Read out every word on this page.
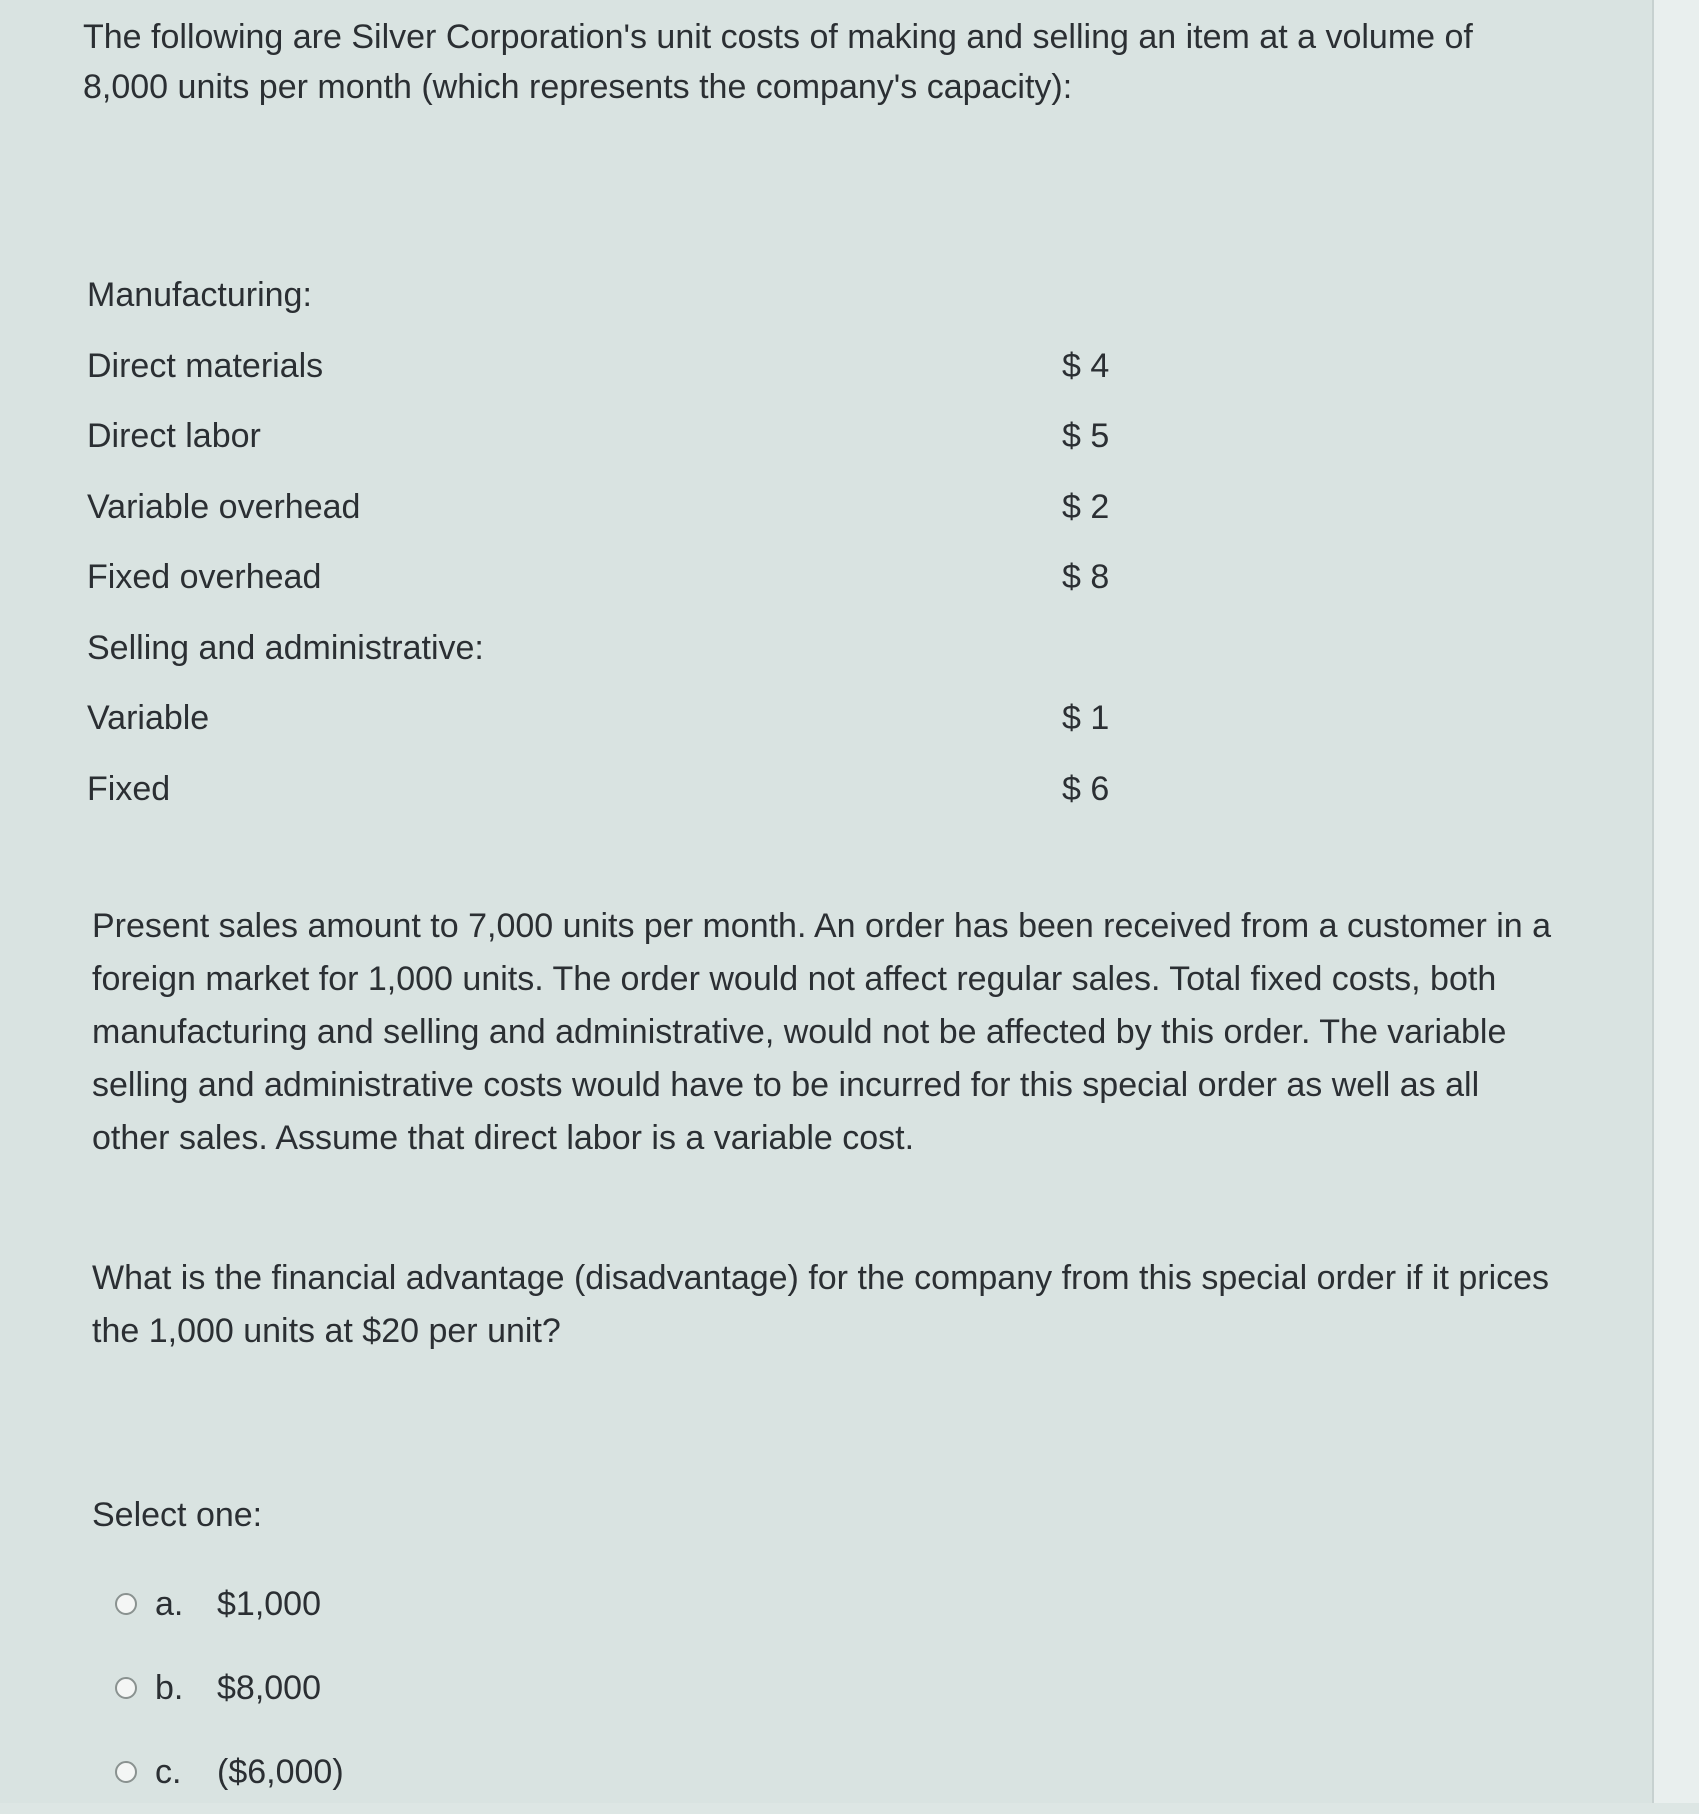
The following are Silver Corporation's unit costs of making and selling an item at a volume of 8,000 units per month (which represents the company's capacity):
Manufacturing:
Direct materials	$ 4
Direct labor	$ 5
Variable overhead	$ 2
Fixed overhead	$ 8
Selling and administrative:
Variable	$ 1
Fixed	$ 6
Present sales amount to 7,000 units per month. An order has been received from a customer in a foreign market for 1,000 units. The order would not affect regular sales. Total fixed costs, both manufacturing and selling and administrative, would not be affected by this order. The variable selling and administrative costs would have to be incurred for this special order as well as all other sales. Assume that direct labor is a variable cost.
What is the financial advantage (disadvantage) for the company from this special order if it prices the 1,000 units at $20 per unit?
Select one:
a. $1,000
b. $8,000
c.	($6,000)
